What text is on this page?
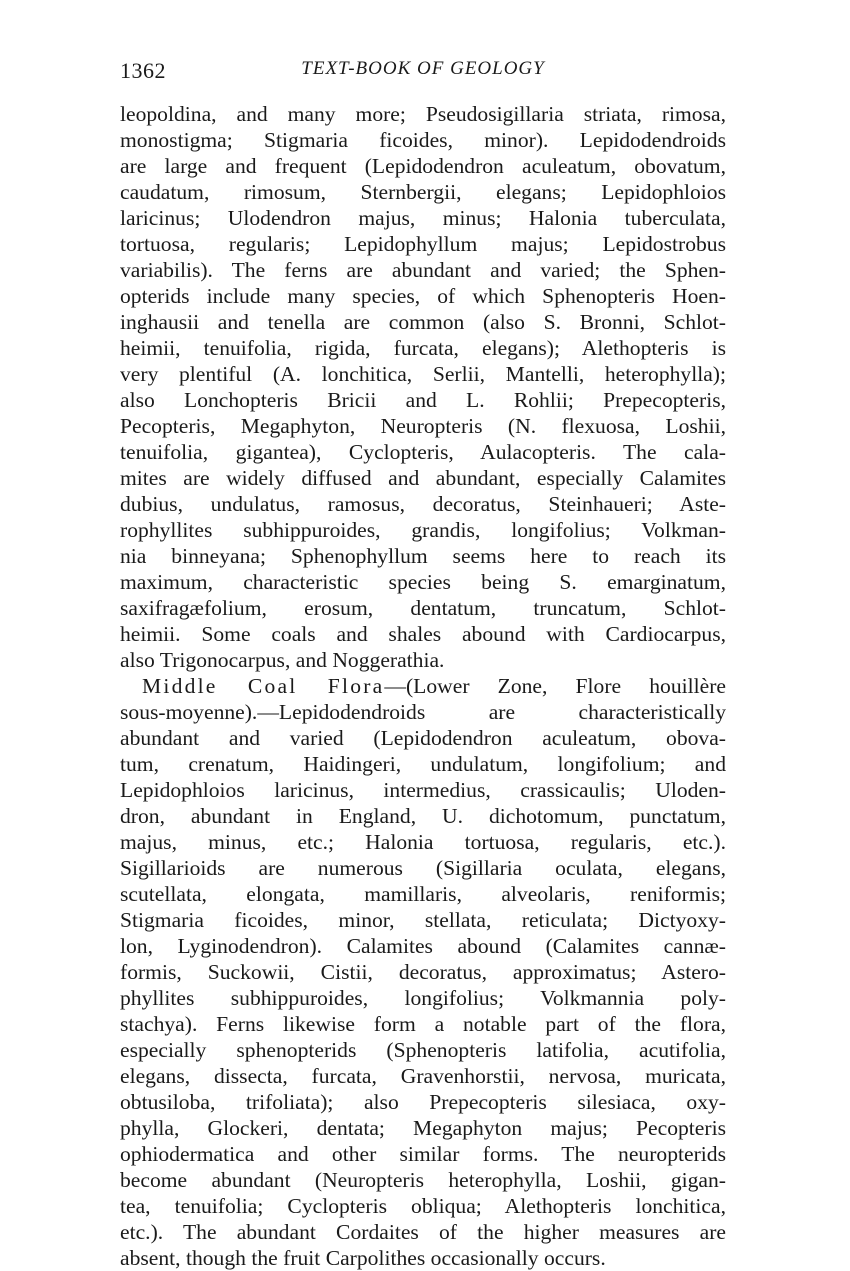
1362	TEXT-BOOK OF GEOLOGY
leopoldina, and many more; Pseudosigillaria striata, rimosa,
monostigma; Stigmaria ficoides, minor). Lepidodendroids
are large and frequent (Lepidodendron aculeatum, obovatum,
caudatum, rimosum, Sternbergii, elegans; Lepidophloios
laricinus; Ulodendron majus, minus; Halonia tuberculata,
tortuosa, regularis; Lepidophyllum majus; Lepidostrobus
variabilis). The ferns are abundant and varied; the Sphen-
opterids include many species, of which Sphenopteris Hoen-
inghausii and tenella are common (also S. Bronni, Schlot-
heimii, tenuifolia, rigida, furcata, elegans); Alethopteris is
very plentiful (A. lonchitica, Serlii, Mantelli, heterophylla);
also Lonchopteris Bricii and L. Rohlii; Prepecopteris,
Pecopteris, Megaphyton, Neuropteris (N. flexuosa, Loshii,
tenuifolia, gigantea), Cyclopteris, Aulacopteris. The cala-
mites are widely diffused and abundant, especially Calamites
dubius, undulatus, ramosus, decoratus, Steinhaueri; Aste-
rophyllites subhippuroides, grandis, longifolius; Volkman-
nia binneyana; Sphenophyllum seems here to reach its
maximum, characteristic species being S. emarginatum,
saxifragæfolium, erosum, dentatum, truncatum, Schlot-
heimii. Some coals and shales abound with Cardiocarpus,
also Trigonocarpus, and Noggerathia.
Middle Coal Flora—(Lower Zone, Flore houillère
sous-moyenne).—Lepidodendroids are characteristically
abundant and varied (Lepidodendron aculeatum, obova-
tum, crenatum, Haidingeri, undulatum, longifolium; and
Lepidophloios laricinus, intermedius, crassicaulis; Uloden-
dron, abundant in England, U. dichotomum, punctatum,
majus, minus, etc.; Halonia tortuosa, regularis, etc.).
Sigillarioids are numerous (Sigillaria oculata, elegans,
scutellata, elongata, mamillaris, alveolaris, reniformis;
Stigmaria ficoides, minor, stellata, reticulata; Dictyoxy-
lon, Lyginodendron). Calamites abound (Calamites cannæ-
formis, Suckowii, Cistii, decoratus, approximatus; Astero-
phyllites subhippuroides, longifolius; Volkmannia poly-
stachya). Ferns likewise form a notable part of the flora,
especially sphenopterids (Sphenopteris latifolia, acutifolia,
elegans, dissecta, furcata, Gravenhorstii, nervosa, muricata,
obtusiloba, trifoliata); also Prepecopteris silesiaca, oxy-
phylla, Glockeri, dentata; Megaphyton majus; Pecopteris
ophiodermatica and other similar forms. The neuropterids
become abundant (Neuropteris heterophylla, Loshii, gigan-
tea, tenuifolia; Cyclopteris obliqua; Alethopteris lonchitica,
etc.). The abundant Cordaites of the higher measures are
absent, though the fruit Carpolithes occasionally occurs.
